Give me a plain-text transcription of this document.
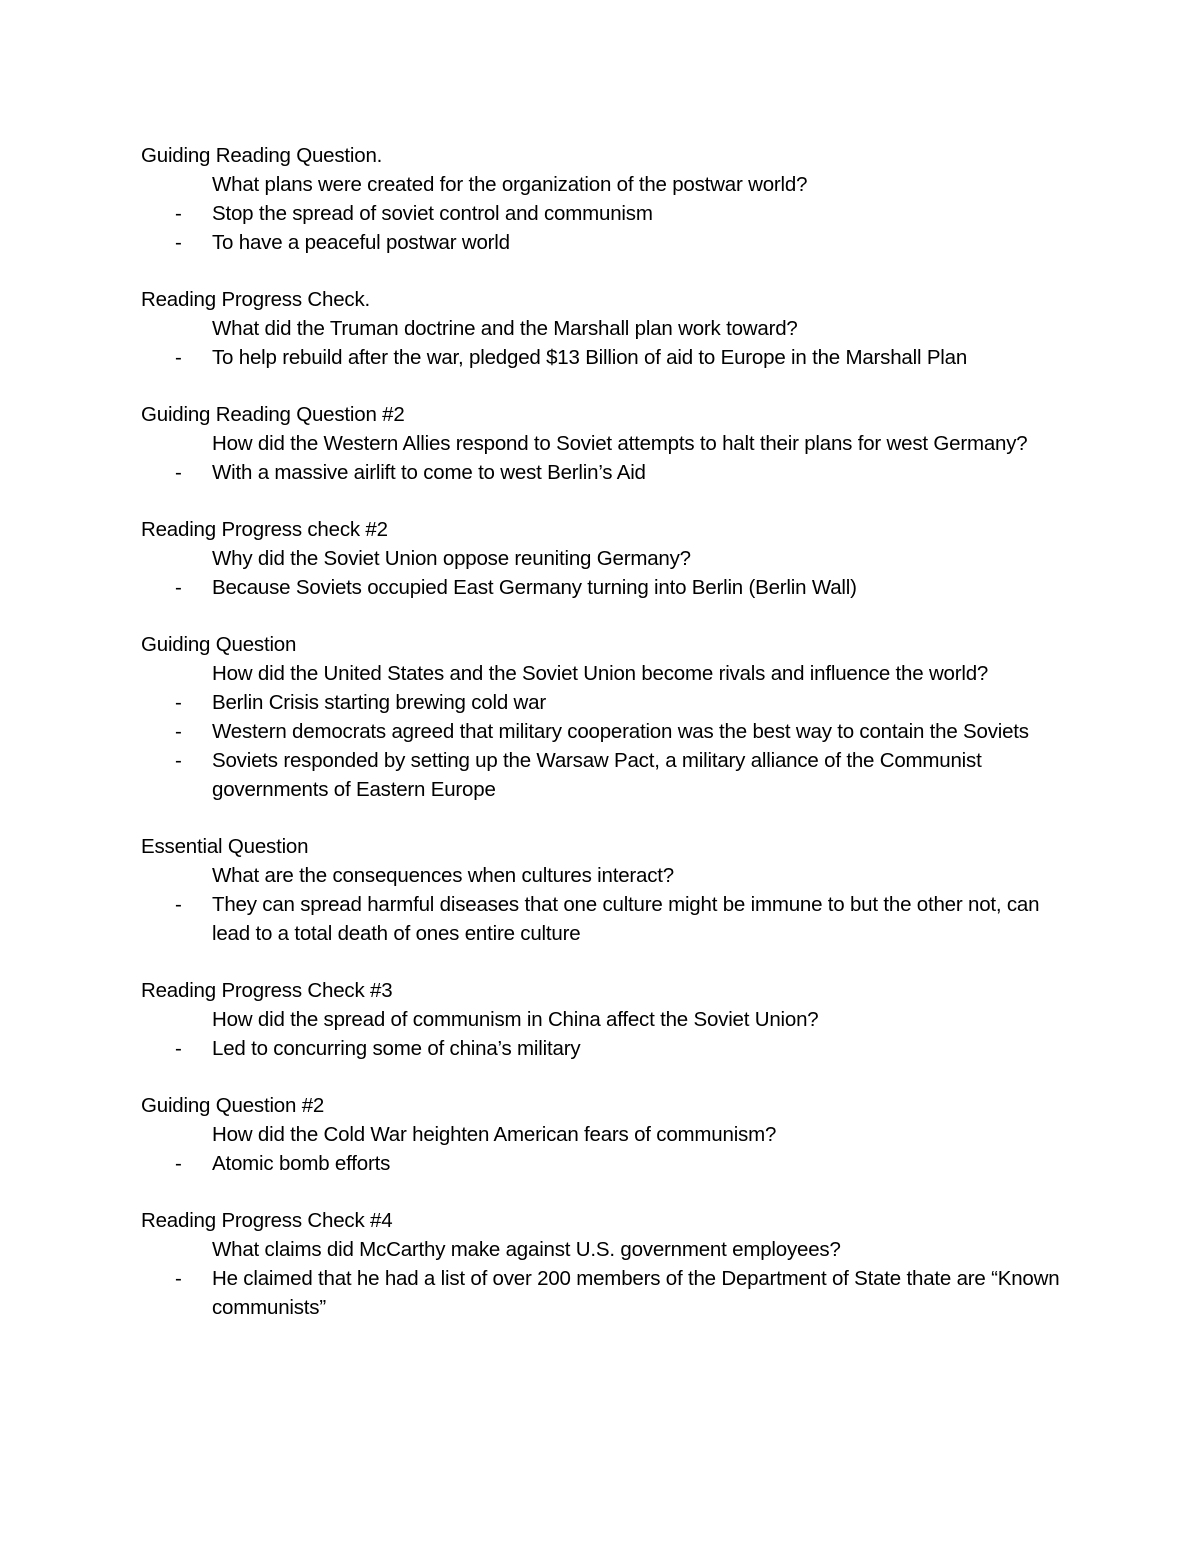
Guiding Reading Question.
What plans were created for the organization of the postwar world?
- Stop the spread of soviet control and communism
- To have a peaceful postwar world
Reading Progress Check.
What did the Truman doctrine and the Marshall plan work toward?
- To help rebuild after the war, pledged $13 Billion of aid to Europe in the Marshall Plan
Guiding Reading Question #2
How did the Western Allies respond to Soviet attempts to halt their plans for west Germany?
- With a massive airlift to come to west Berlin’s Aid
Reading Progress check #2
Why did the Soviet Union oppose reuniting Germany?
- Because Soviets occupied East Germany turning into Berlin (Berlin Wall)
Guiding Question
How did the United States and the Soviet Union become rivals and influence the world?
- Berlin Crisis starting brewing cold war
- Western democrats agreed that military cooperation was the best way to contain the Soviets
- Soviets responded by setting up the Warsaw Pact, a military alliance of the Communist governments of Eastern Europe
Essential Question
What are the consequences when cultures interact?
- They can spread harmful diseases that one culture might be immune to but the other not, can lead to a total death of ones entire culture
Reading Progress Check #3
How did the spread of communism in China affect the Soviet Union?
- Led to concurring some of china’s military
Guiding Question #2
How did the Cold War heighten American fears of communism?
- Atomic bomb efforts
Reading Progress Check #4
What claims did McCarthy make against U.S. government employees?
- He claimed that he had a list of over 200 members of the Department of State thate are “Known communists”
